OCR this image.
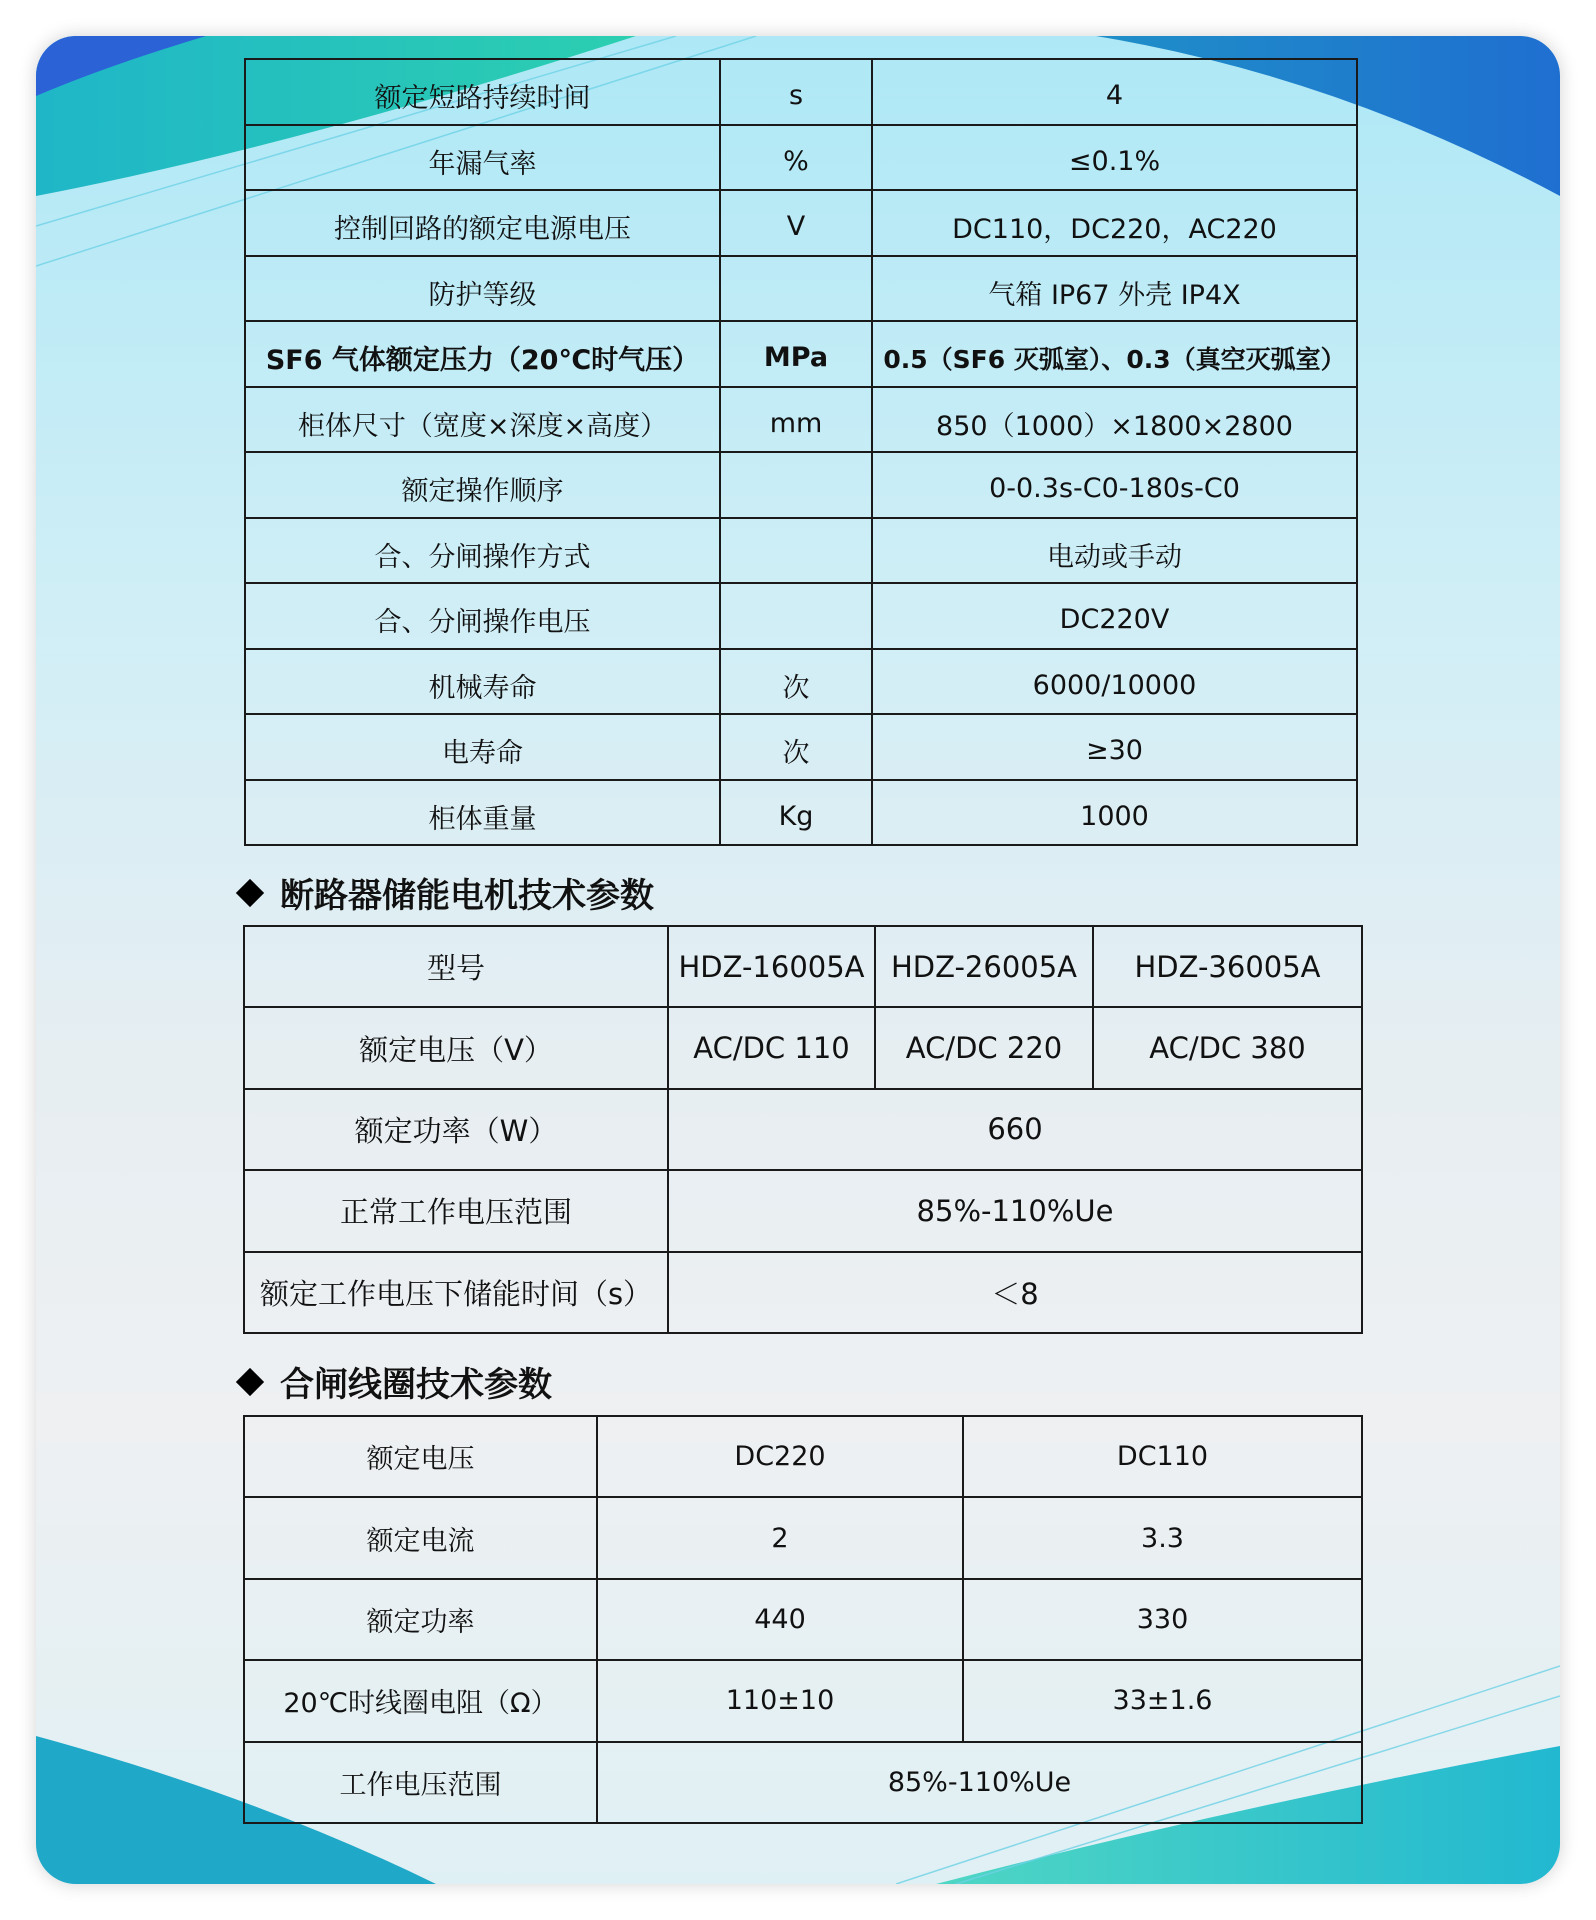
额定短路持续时间	s	4
年漏气率	%	≤0.1%
控制回路的额定电源电压	V	DC110，DC220，AC220
防护等级		气箱 IP67 外壳 IP4X
SF6 气体额定压力（20℃时气压）	MPa	0.5（SF6 灭弧室）、0.3（真空灭弧室）
柜体尺寸（宽度×深度×高度）	mm	850（1000）×1800×2800
额定操作顺序		0-0.3s-C0-180s-C0
合、分闸操作方式		电动或手动
合、分闸操作电压		DC220V
机械寿命	次	6000/10000
电寿命	次	≥30
柜体重量	Kg	1000
断路器储能电机技术参数
型号	HDZ-16005A	HDZ-26005A	HDZ-36005A
额定电压（V）	AC/DC 110	AC/DC 220	AC/DC 380
额定功率（W）	660		
正常工作电压范围	85%-110%Ue		
额定工作电压下储能时间（s）	＜8		
合闸线圈技术参数
额定电压	DC220	DC110
额定电流	2	3.3
额定功率	440	330
20℃时线圈电阻（Ω）	110±10	33±1.6
工作电压范围	85%-110%Ue	
